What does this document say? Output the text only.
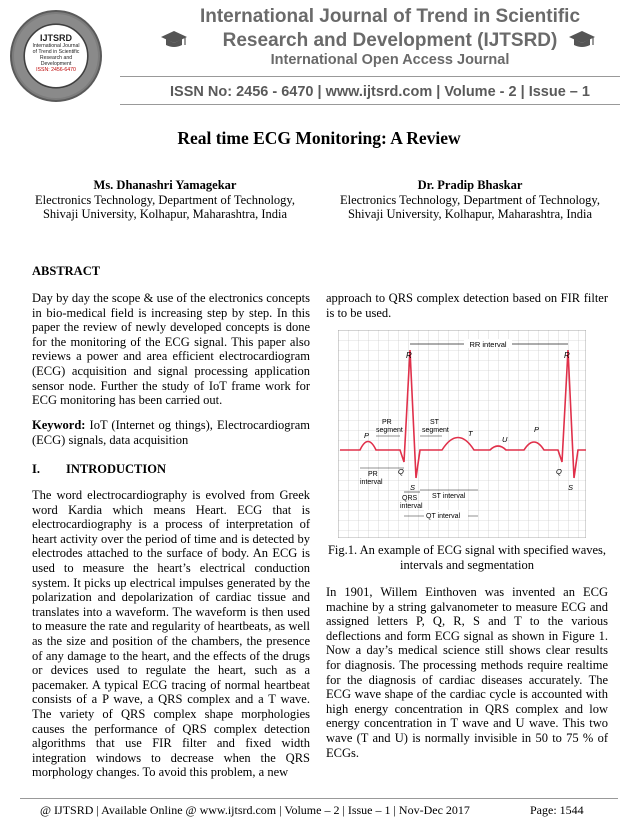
IJTSRD
International Journal
of Trend in Scientific
Research and
Development
ISSN: 2456-6470
International Journal of Trend in Scientific
Research and Development (IJTSRD)
International Open Access Journal
ISSN No: 2456 - 6470 | www.ijtsrd.com | Volume - 2 | Issue – 1
Real time ECG Monitoring: A Review
Ms. Dhanashri Yamagekar
Electronics Technology, Department of Technology,
Shivaji University, Kolhapur, Maharashtra, India
Dr. Pradip Bhaskar
Electronics Technology, Department of Technology,
Shivaji University, Kolhapur, Maharashtra, India
ABSTRACT
Day by day the scope & use of the electronics concepts in bio-medical field is increasing step by step. In this paper the review of newly developed concepts is done for the monitoring of the ECG signal. This paper also reviews a power and area efficient electrocardiogram (ECG) acquisition and signal processing application sensor node. Further the study of IoT frame work for ECG monitoring has been carried out.
Keyword: IoT (Internet og things), Electrocardiogram (ECG) signals, data acquisition
I. INTRODUCTION
The word electrocardiography is evolved from Greek word Kardia which means Heart. ECG that is electrocardiography is a process of interpretation of heart activity over the period of time and is detected by electrodes attached to the surface of body. An ECG is used to measure the heart’s electrical conduction system. It picks up electrical impulses generated by the polarization and depolarization of cardiac tissue and translates into a waveform. The waveform is then used to measure the rate and regularity of heartbeats, as well as the size and position of the chambers, the presence of any damage to the heart, and the effects of the drugs or devices used to regulate the heart, such as a pacemaker. A typical ECG tracing of normal heartbeat consists of a P wave, a QRS complex and a T wave. The variety of QRS complex shape morphologies causes the performance of QRS complex detection algorithms that use FIR filter and fixed width integration windows to decrease when the QRS morphology changes. To avoid this problem, a new
approach to QRS complex detection based on FIR filter is to be used.
RR interval
R	R
PR
segment
ST
segment
P
P
T
U
Q	Q
S	S
PR
interval
QRS
interval
ST interval
QT interval
Fig.1. An example of ECG signal with specified waves,
intervals and segmentation
In 1901, Willem Einthoven was invented an ECG machine by a string galvanometer to measure ECG and assigned letters P, Q, R, S and T to the various deflections and form ECG signal as shown in Figure 1. Now a day’s medical science still shows clear results for diagnosis. The processing methods require realtime for the diagnosis of cardiac diseases accurately. The ECG wave shape of the cardiac cycle is accounted with high energy concentration in QRS complex and low energy concentration in T wave and U wave. This two wave (T and U) is normally invisible in 50 to 75 % of ECGs.
@ IJTSRD | Available Online @ www.ijtsrd.com | Volume – 2 | Issue – 1 | Nov-Dec 2017	Page: 1544
